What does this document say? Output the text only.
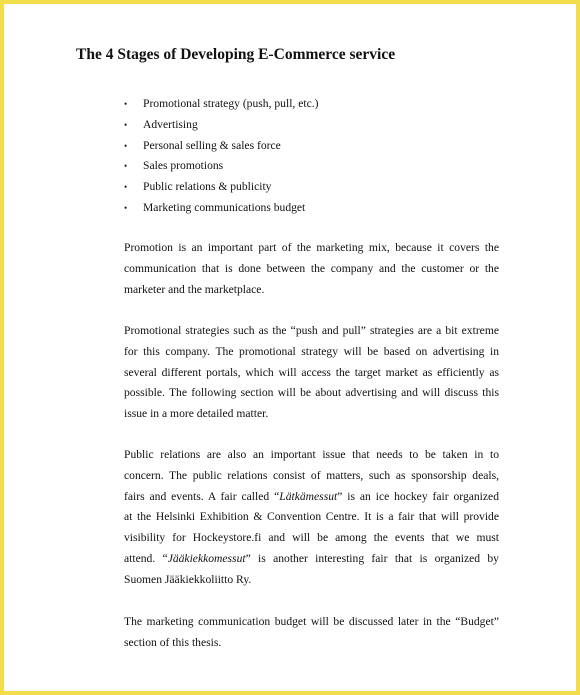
The 4 Stages of Developing E-Commerce service
• Promotional strategy (push, pull, etc.)
• Advertising
• Personal selling & sales force
• Sales promotions
• Public relations & publicity
• Marketing communications budget

Promotion is an important part of the marketing mix, because it covers the
communication that is done between the company and the customer or the
marketer and the marketplace.

Promotional strategies such as the “push and pull” strategies are a bit extreme
for this company. The promotional strategy will be based on advertising in
several different portals, which will access the target market as efficiently as
possible. The following section will be about advertising and will discuss this
issue in a more detailed matter.

Public relations are also an important issue that needs to be taken in to
concern. The public relations consist of matters, such as sponsorship deals,
fairs and events. A fair called “Lätkämessut” is an ice hockey fair organized
at the Helsinki Exhibition & Convention Centre. It is a fair that will provide
visibility for Hockeystore.fi and will be among the events that we must
attend. “Jääkiekkomessut” is another interesting fair that is organized by
Suomen Jääkiekkoliitto Ry.

The marketing communication budget will be discussed later in the “Budget”
section of this thesis.
